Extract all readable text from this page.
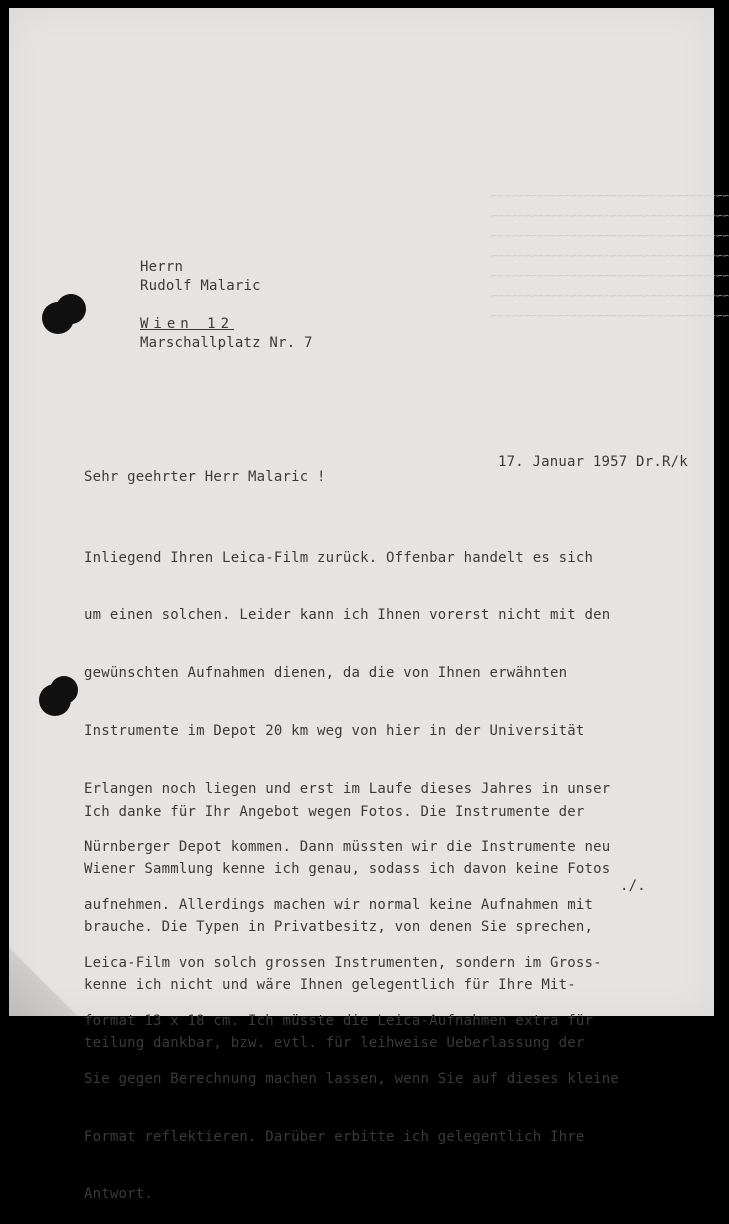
~~~~~~~~~~~~~~~~~~~~~~~~~~~~~~~~~~~~
~~~~~~~~~~~~~~~~~~~~~~~~~~~~~~~~~~~~
~~~~~~~~~~~~~~~~~~~~~~~~~~~~~~~~~~~~
~~~~~~~~~~~~~~~~~~~~~~~~~~~~~~~~~~~~
~~~~~~~~~~~~~~~~~~~~~~~~~~~~~~~~~~~~
~~~~~~~~~~~~~~~~~~~~~~~~~~~~~~~~~~~~
~~~~~~~~~~~~~~~~~~~~~~~~~~~~~~~~~~~~
Herrn
Rudolf Malaric
Wien 12
Marschallplatz Nr. 7
17. Januar 1957 Dr.R/k
Sehr geehrter Herr Malaric !

Inliegend Ihren Leica-Film zurück. Offenbar handelt es sich

um einen solchen. Leider kann ich Ihnen vorerst nicht mit den

gewünschten Aufnahmen dienen, da die von Ihnen erwähnten

Instrumente im Depot 20 km weg von hier in der Universität

Erlangen noch liegen und erst im Laufe dieses Jahres in unser

Nürnberger Depot kommen. Dann müssten wir die Instrumente neu

aufnehmen. Allerdings machen wir normal keine Aufnahmen mit

Leica-Film von solch grossen Instrumenten, sondern im Gross-

format 13 x 18 cm. Ich müsste die Leica-Aufnahmen extra für

Sie gegen Berechnung machen lassen, wenn Sie auf dieses kleine

Format reflektieren. Darüber erbitte ich gelegentlich Ihre

Antwort.

Ich danke für Ihr Angebot wegen Fotos. Die Instrumente der

Wiener Sammlung kenne ich genau, sodass ich davon keine Fotos

brauche. Die Typen in Privatbesitz, von denen Sie sprechen,

kenne ich nicht und wäre Ihnen gelegentlich für Ihre Mit-

teilung dankbar, bzw. evtl. für leihweise Ueberlassung der

./.
